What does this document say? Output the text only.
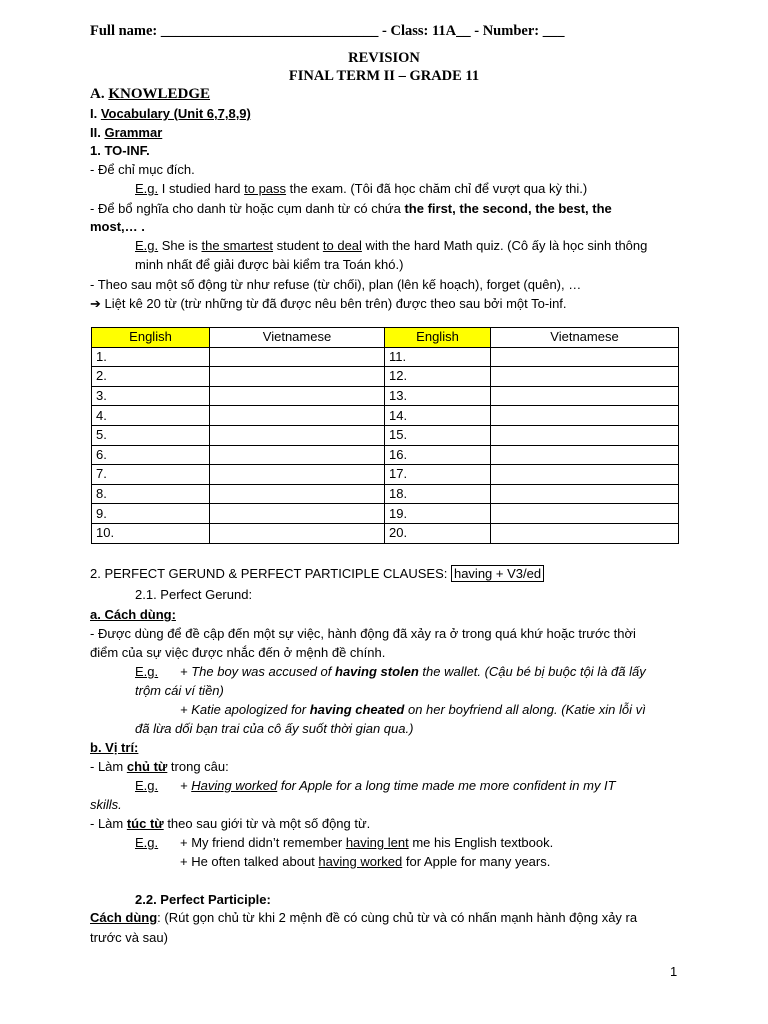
Full name: ______________________________ - Class: 11A__ - Number: ___
REVISION
FINAL TERM II – GRADE 11
A. KNOWLEDGE
I. Vocabulary (Unit 6,7,8,9)
II. Grammar
1. TO-INF.
- Để chỉ mục đích.
E.g. I studied hard to pass the exam. (Tôi đã học chăm chỉ để vượt qua kỳ thi.)
- Để bổ nghĩa cho danh từ hoặc cụm danh từ có chứa the first, the second, the best, the
most,… .
E.g. She is the smartest student to deal with the hard Math quiz. (Cô ấy là học sinh thông
minh nhất để giải được bài kiểm tra Toán khó.)
- Theo sau một số động từ như refuse (từ chối), plan (lên kế hoạch), forget (quên), …
➔ Liệt kê 20 từ (trừ những từ đã được nêu bên trên) được theo sau bởi một To-inf.
English	Vietnamese	English	Vietnamese
1.		11.	
2.		12.	
3.		13.	
4.		14.	
5.		15.	
6.		16.	
7.		17.	
8.		18.	
9.		19.	
10.		20.	
2. PERFECT GERUND & PERFECT PARTICIPLE CLAUSES: having + V3/ed
2.1. Perfect Gerund:
a. Cách dùng:
- Được dùng để đề cập đến một sự việc, hành động đã xảy ra ở trong quá khứ hoặc trước thời
điểm của sự việc được nhắc đến ở mệnh đề chính.
E.g. + The boy was accused of having stolen the wallet. (Cậu bé bị buộc tội là đã lấy
trộm cái ví tiền)
+ Katie apologized for having cheated on her boyfriend all along. (Katie xin lỗi vì
đã lừa dối bạn trai của cô ấy suốt thời gian qua.)
b. Vị trí:
- Làm chủ từ trong câu:
E.g. + Having worked for Apple for a long time made me more confident in my IT
skills.
- Làm túc từ theo sau giới từ và một số động từ.
E.g. + My friend didn’t remember having lent me his English textbook.
+ He often talked about having worked for Apple for many years.
2.2. Perfect Participle:
Cách dùng: (Rút gọn chủ từ khi 2 mệnh đề có cùng chủ từ và có nhấn mạnh hành động xảy ra
trước và sau)
1
